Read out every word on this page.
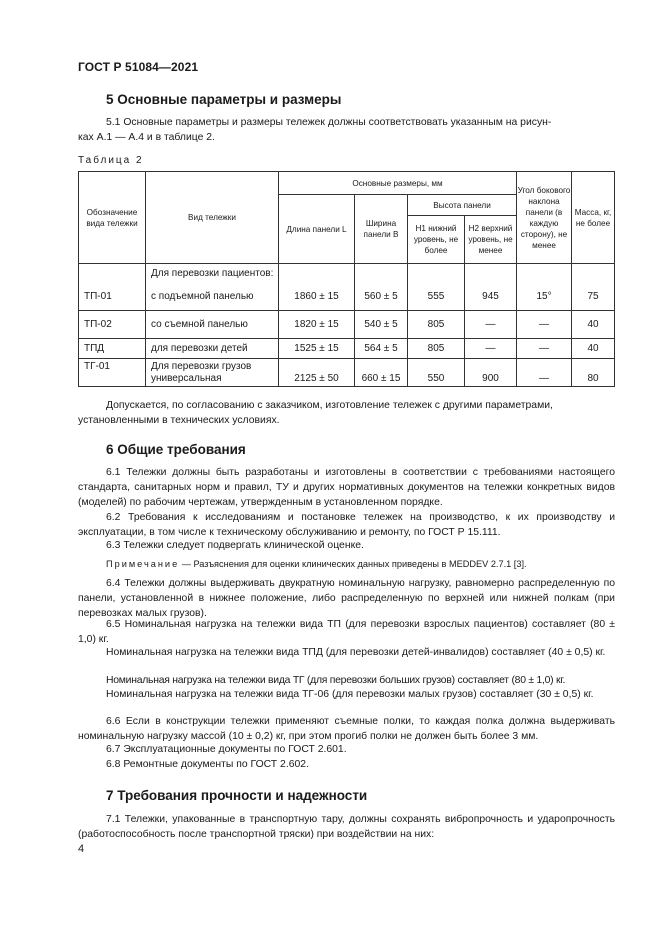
ГОСТ Р 51084—2021
5 Основные параметры и размеры
5.1 Основные параметры и размеры тележек должны соответствовать указанным на рисун-
ках А.1 — А.4 и в таблице 2.
Таблица 2
Обозначение вида тележки	Вид тележки	Основные размеры, мм				Угол бокового наклона панели (в каждую сторону), не менее	Масса, кг, не более
		Длина панели L	Ширина панели B	Высота панели			
				H1 нижний уровень, не более	H2 верхний уровень, не менее		
	Для перевозки пациентов:						
ТП-01	с подъемной панелью	1860 ± 15	560 ± 5	555	945	15°	75
ТП-02	со съемной панелью	1820 ± 15	540 ± 5	805	—	—	40
ТПД	для перевозки детей	1525 ± 15	564 ± 5	805	—	—	40
ТГ-01	Для перевозки грузов универсальная	2125 ± 50	660 ± 15	550	900	—	80
Допускается, по согласованию с заказчиком, изготовление тележек с другими параметрами,
установленными в технических условиях.
6 Общие требования
6.1 Тележки должны быть разработаны и изготовлены в соответствии с требованиями настоящего стандарта, санитарных норм и правил, ТУ и других нормативных документов на тележки конкретных видов (моделей) по рабочим чертежам, утвержденным в установленном порядке.
6.2 Требования к исследованиям и постановке тележек на производство, к их производству и эксплуатации, в том числе к техническому обслуживанию и ремонту, по ГОСТ Р 15.111.
6.3 Тележки следует подвергать клинической оценке.
Примечание — Разъяснения для оценки клинических данных приведены в MEDDEV 2.7.1 [3].
6.4 Тележки должны выдерживать двукратную номинальную нагрузку, равномерно распределенную по панели, установленной в нижнее положение, либо распределенную по верхней или нижней полкам (при перевозках малых грузов).
6.5 Номинальная нагрузка на тележки вида ТП (для перевозки взрослых пациентов) составляет (80 ± 1,0) кг.
Номинальная нагрузка на тележки вида ТПД (для перевозки детей-инвалидов) составляет (40 ± 0,5) кг.
Номинальная нагрузка на тележки вида ТГ (для перевозки больших грузов) составляет (80 ± 1,0) кг.
Номинальная нагрузка на тележки вида ТГ-06 (для перевозки малых грузов) составляет (30 ± 0,5) кг.
6.6 Если в конструкции тележки применяют съемные полки, то каждая полка должна выдерживать номинальную нагрузку массой (10 ± 0,2) кг, при этом прогиб полки не должен быть более 3 мм.
6.7 Эксплуатационные документы по ГОСТ 2.601.
6.8 Ремонтные документы по ГОСТ 2.602.
7 Требования прочности и надежности
7.1 Тележки, упакованные в транспортную тару, должны сохранять вибропрочность и ударопрочность (работоспособность после транспортной тряски) при воздействии на них:
4
